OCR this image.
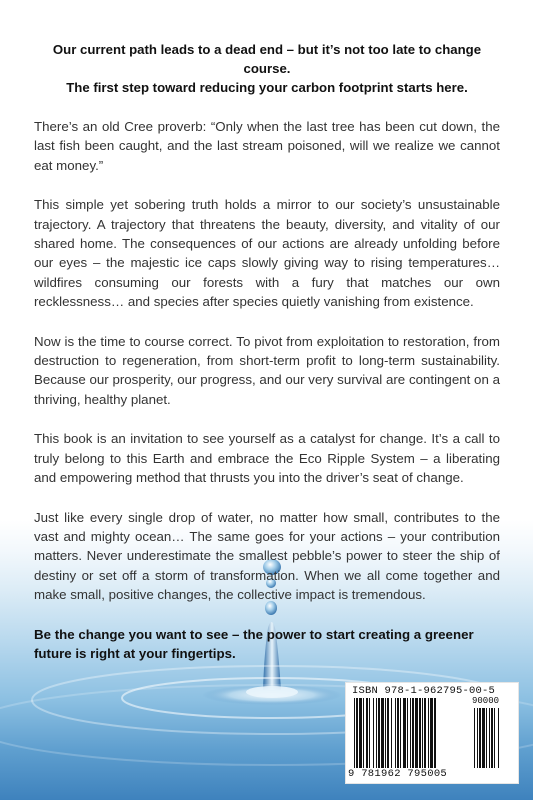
Our current path leads to a dead end – but it’s not too late to change course.
The first step toward reducing your carbon footprint starts here.

There’s an old Cree proverb: “Only when the last tree has been cut down, the last fish been caught, and the last stream poisoned, will we realize we cannot eat money.”

This simple yet sobering truth holds a mirror to our society’s unsustainable trajectory. A trajectory that threatens the beauty, diversity, and vitality of our shared home. The consequences of our actions are already unfolding before our eyes – the majestic ice caps slowly giving way to rising temperatures… wildfires consuming our forests with a fury that matches our own recklessness… and species after species quietly vanishing from existence.

Now is the time to course correct. To pivot from exploitation to restoration, from destruction to regeneration, from short-term profit to long-term sustainability. Because our prosperity, our progress, and our very survival are contingent on a thriving, healthy planet.

This book is an invitation to see yourself as a catalyst for change. It’s a call to truly belong to this Earth and embrace the Eco Ripple System – a liberating and empowering method that thrusts you into the driver’s seat of change.

Just like every single drop of water, no matter how small, contributes to the vast and mighty ocean… The same goes for your actions – your contribution matters. Never underestimate the smallest pebble’s power to steer the ship of destiny or set off a storm of transformation. When we all come together and make small, positive changes, the collective impact is tremendous.

Be the change you want to see – the power to start creating a greener future is right at your fingertips.

ISBN 978-1-962795-00-5
90000
9 781962 795005
